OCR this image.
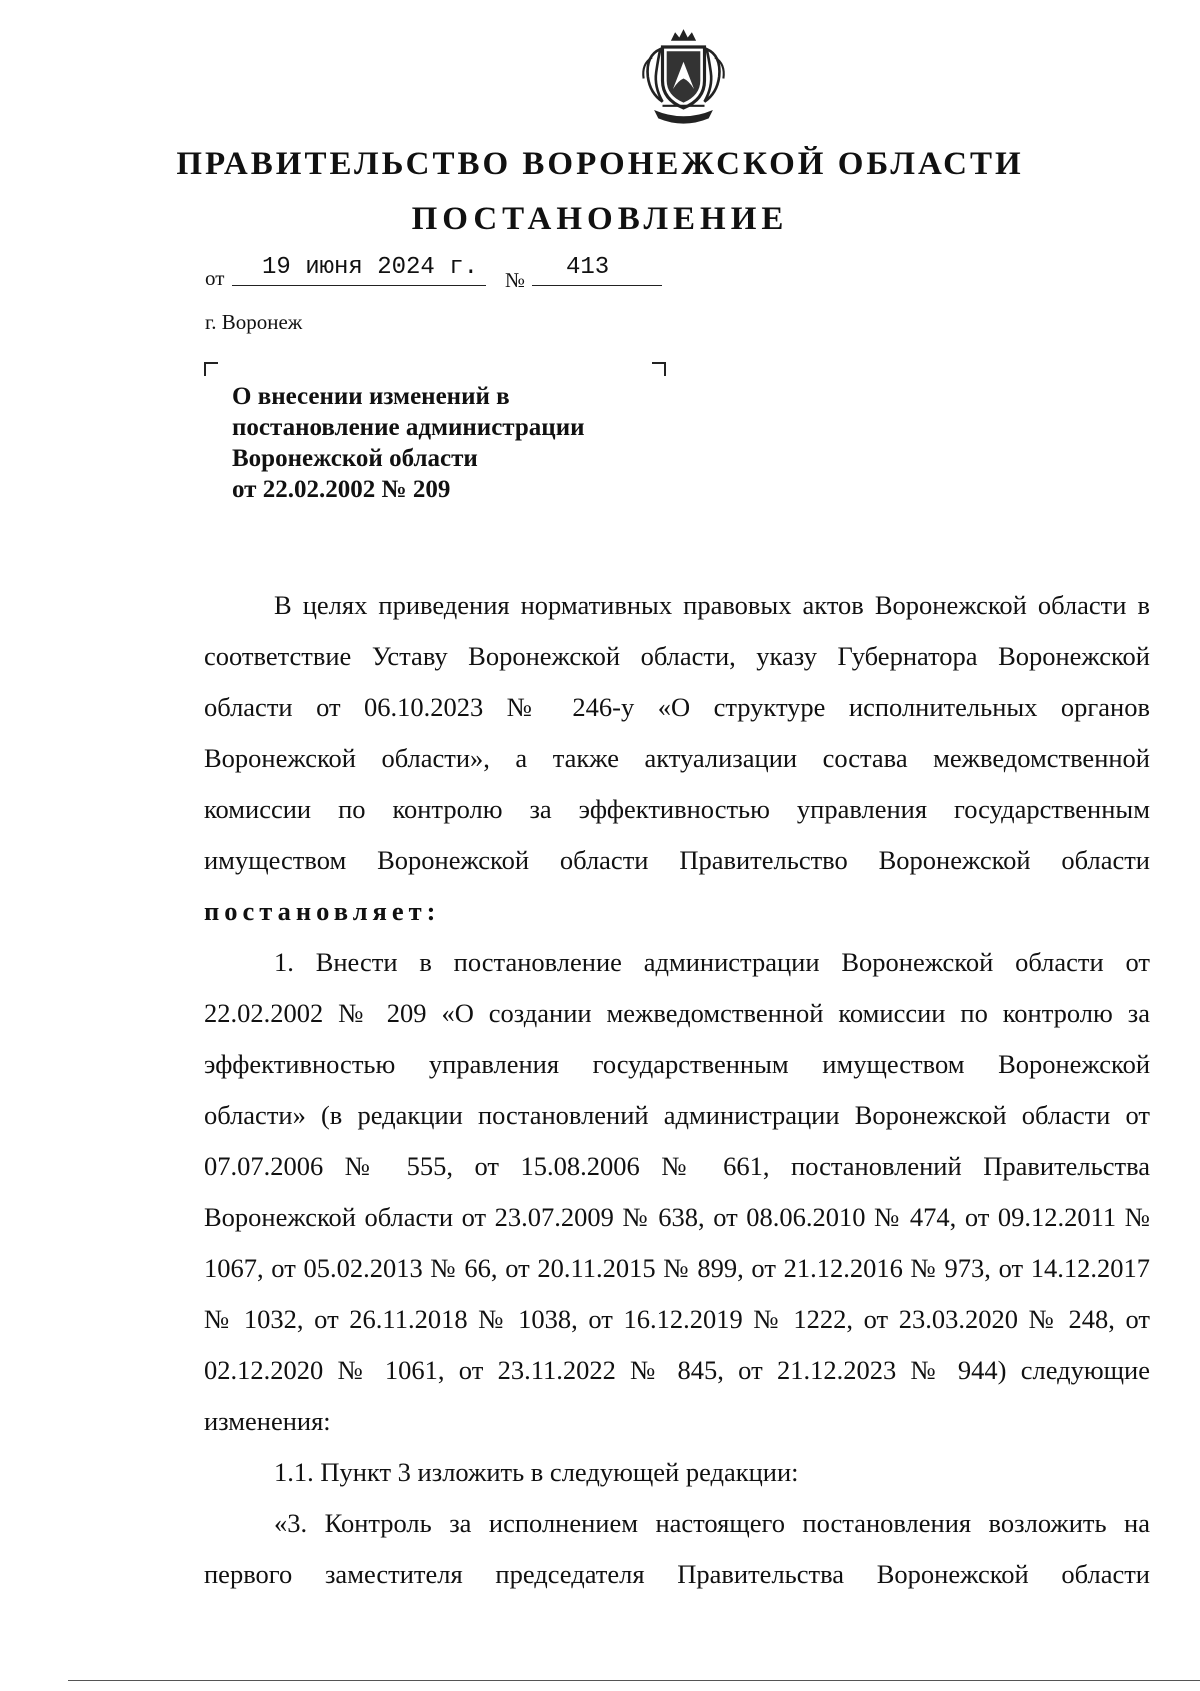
ПРАВИТЕЛЬСТВО ВОРОНЕЖСКОЙ ОБЛАСТИ
ПОСТАНОВЛЕНИЕ
от 19 июня 2024 г. № 413
г. Воронеж
О внесении изменений в
постановление администрации
Воронежской области
от 22.02.2002 № 209

В целях приведения нормативных правовых актов Воронежской области в соответствие Уставу Воронежской области, указу Губернатора Воронежской области от 06.10.2023 № 246-у «О структуре исполнительных органов Воронежской области», а также актуализации состава межведомственной комиссии по контролю за эффективностью управления государственным имуществом Воронежской области Правительство Воронежской области постановляет:

1. Внести в постановление администрации Воронежской области от 22.02.2002 № 209 «О создании межведомственной комиссии по контролю за эффективностью управления государственным имуществом Воронежской области» (в редакции постановлений администрации Воронежской области от 07.07.2006 № 555, от 15.08.2006 № 661, постановлений Правительства Воронежской области от 23.07.2009 № 638, от 08.06.2010 № 474, от 09.12.2011 № 1067, от 05.02.2013 № 66, от 20.11.2015 № 899, от 21.12.2016 № 973, от 14.12.2017 № 1032, от 26.11.2018 № 1038, от 16.12.2019 № 1222, от 23.03.2020 № 248, от 02.12.2020 № 1061, от 23.11.2022 № 845, от 21.12.2023 № 944) следующие изменения:

1.1. Пункт 3 изложить в следующей редакции:

«3. Контроль за исполнением настоящего постановления возложить на первого заместителя председателя Правительства Воронежской области
